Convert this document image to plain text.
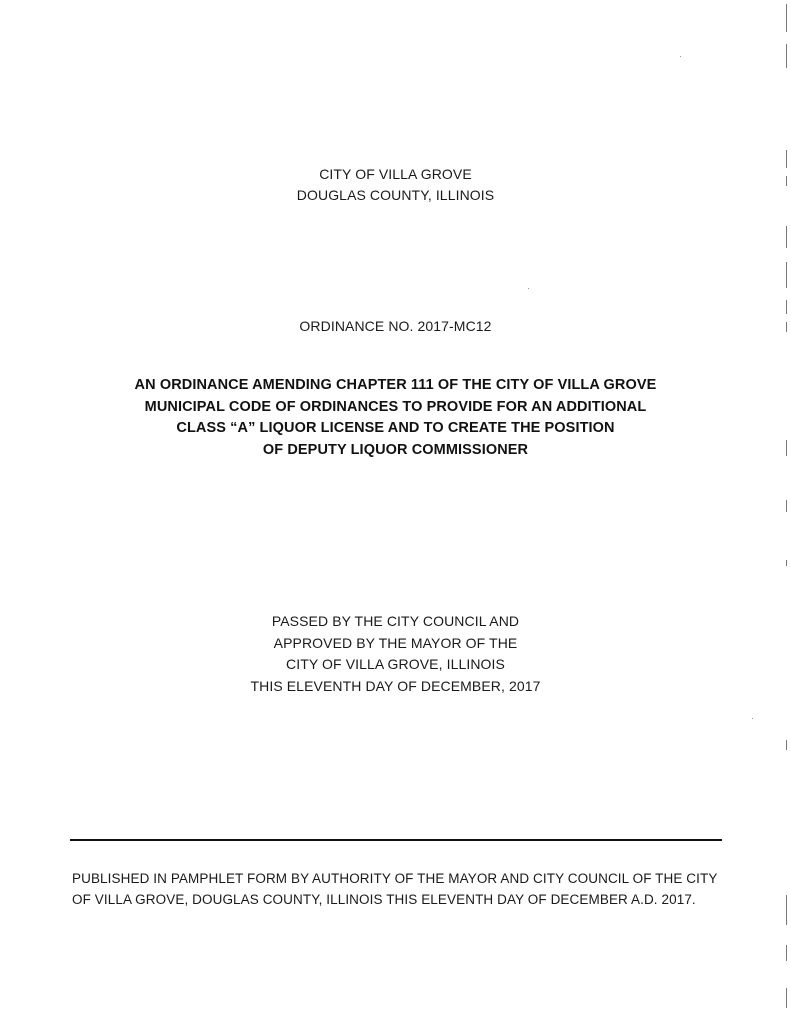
CITY OF VILLA GROVE
DOUGLAS COUNTY, ILLINOIS
ORDINANCE NO. 2017-MC12
AN ORDINANCE AMENDING CHAPTER 111 OF THE CITY OF VILLA GROVE
MUNICIPAL CODE OF ORDINANCES TO PROVIDE FOR AN ADDITIONAL
CLASS “A” LIQUOR LICENSE AND TO CREATE THE POSITION
OF DEPUTY LIQUOR COMMISSIONER
PASSED BY THE CITY COUNCIL AND
APPROVED BY THE MAYOR OF THE
CITY OF VILLA GROVE, ILLINOIS
THIS ELEVENTH DAY OF DECEMBER, 2017
PUBLISHED IN PAMPHLET FORM BY AUTHORITY OF THE MAYOR AND CITY COUNCIL OF THE CITY
OF VILLA GROVE, DOUGLAS COUNTY, ILLINOIS THIS ELEVENTH DAY OF DECEMBER A.D. 2017.
